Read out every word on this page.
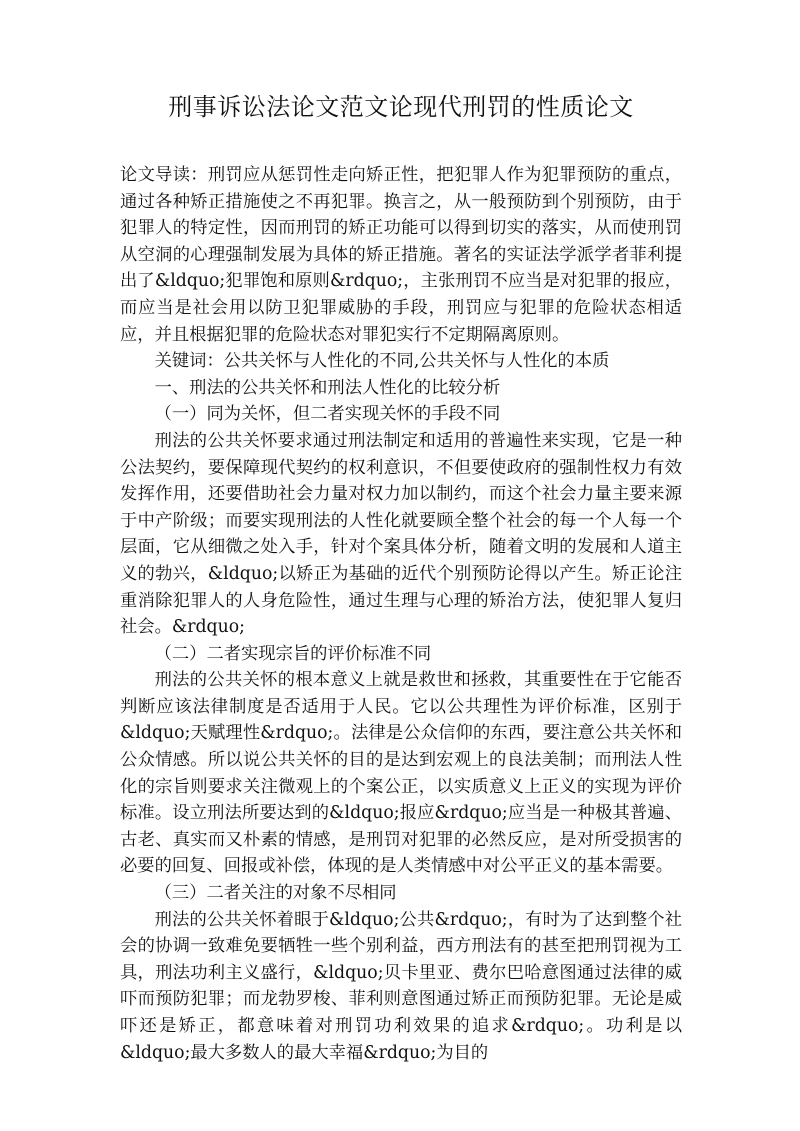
刑事诉讼法论文范文论现代刑罚的性质论文

论文导读：刑罚应从惩罚性走向矫正性，把犯罪人作为犯罪预防的重点，通过各种矫正措施使之不再犯罪。换言之，从一般预防到个别预防，由于犯罪人的特定性，因而刑罚的矫正功能可以得到切实的落实，从而使刑罚从空洞的心理强制发展为具体的矫正措施。著名的实证法学派学者菲利提出了&ldquo;犯罪饱和原则&rdquo;，主张刑罚不应当是对犯罪的报应，而应当是社会用以防卫犯罪威胁的手段，刑罚应与犯罪的危险状态相适应，并且根据犯罪的危险状态对罪犯实行不定期隔离原则。

关键词：公共关怀与人性化的不同,公共关怀与人性化的本质

一、刑法的公共关怀和刑法人性化的比较分析

（一）同为关怀，但二者实现关怀的手段不同

刑法的公共关怀要求通过刑法制定和适用的普遍性来实现，它是一种公法契约，要保障现代契约的权利意识，不但要使政府的强制性权力有效发挥作用，还要借助社会力量对权力加以制约，而这个社会力量主要来源于中产阶级；而要实现刑法的人性化就要顾全整个社会的每一个人每一个层面，它从细微之处入手，针对个案具体分析，随着文明的发展和人道主义的勃兴，&ldquo;以矫正为基础的近代个别预防论得以产生。矫正论注重消除犯罪人的人身危险性，通过生理与心理的矫治方法，使犯罪人复归社会。&rdquo;

（二）二者实现宗旨的评价标准不同

刑法的公共关怀的根本意义上就是救世和拯救，其重要性在于它能否判断应该法律制度是否适用于人民。它以公共理性为评价标准，区别于&ldquo;天赋理性&rdquo;。法律是公众信仰的东西，要注意公共关怀和公众情感。所以说公共关怀的目的是达到宏观上的良法美制；而刑法人性化的宗旨则要求关注微观上的个案公正，以实质意义上正义的实现为评价标准。设立刑法所要达到的&ldquo;报应&rdquo;应当是一种极其普遍、古老、真实而又朴素的情感，是刑罚对犯罪的必然反应，是对所受损害的必要的回复、回报或补偿，体现的是人类情感中对公平正义的基本需要。

（三）二者关注的对象不尽相同

刑法的公共关怀着眼于&ldquo;公共&rdquo;，有时为了达到整个社会的协调一致难免要牺牲一些个别利益，西方刑法有的甚至把刑罚视为工具，刑法功利主义盛行，&ldquo;贝卡里亚、费尔巴哈意图通过法律的威吓而预防犯罪；而龙勃罗梭、菲利则意图通过矫正而预防犯罪。无论是威吓还是矫正，都意味着对刑罚功利效果的追求&rdquo;。功利是以&ldquo;最大多数人的最大幸福&rdquo;为目的
